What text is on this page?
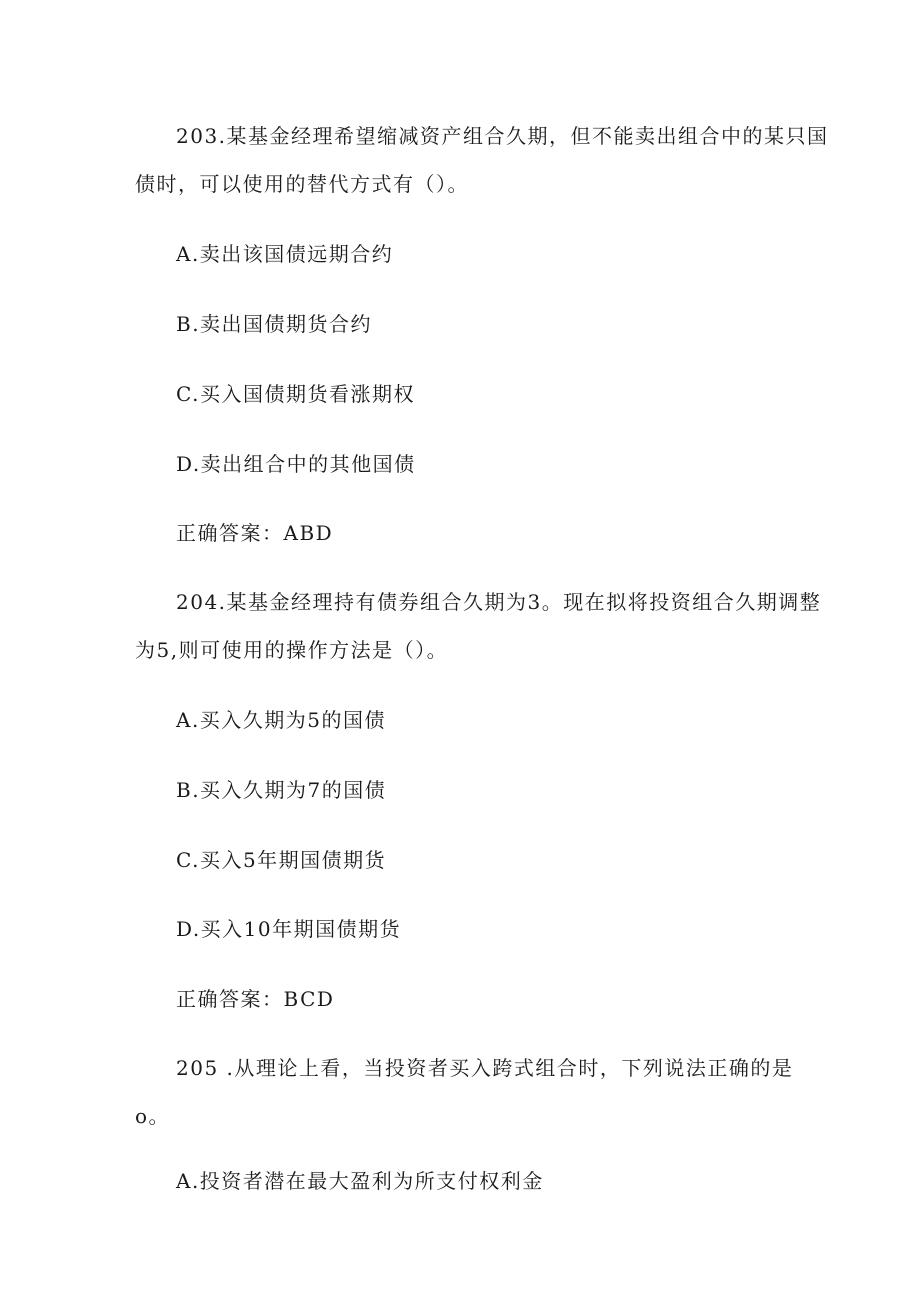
203.某基金经理希望缩减资产组合久期，但不能卖出组合中的某只国

债时，可以使用的替代方式有（）。

A.卖出该国债远期合约

B.卖出国债期货合约

C.买入国债期货看涨期权

D.卖出组合中的其他国债

正确答案：ABD

204.某基金经理持有债券组合久期为3。现在拟将投资组合久期调整

为5,则可使用的操作方法是（）。

A.买入久期为5的国债

B.买入久期为7的国债

C.买入5年期国债期货

D.买入10年期国债期货

正确答案：BCD

205 .从理论上看，当投资者买入跨式组合时，下列说法正确的是

o。

A.投资者潜在最大盈利为所支付权利金
